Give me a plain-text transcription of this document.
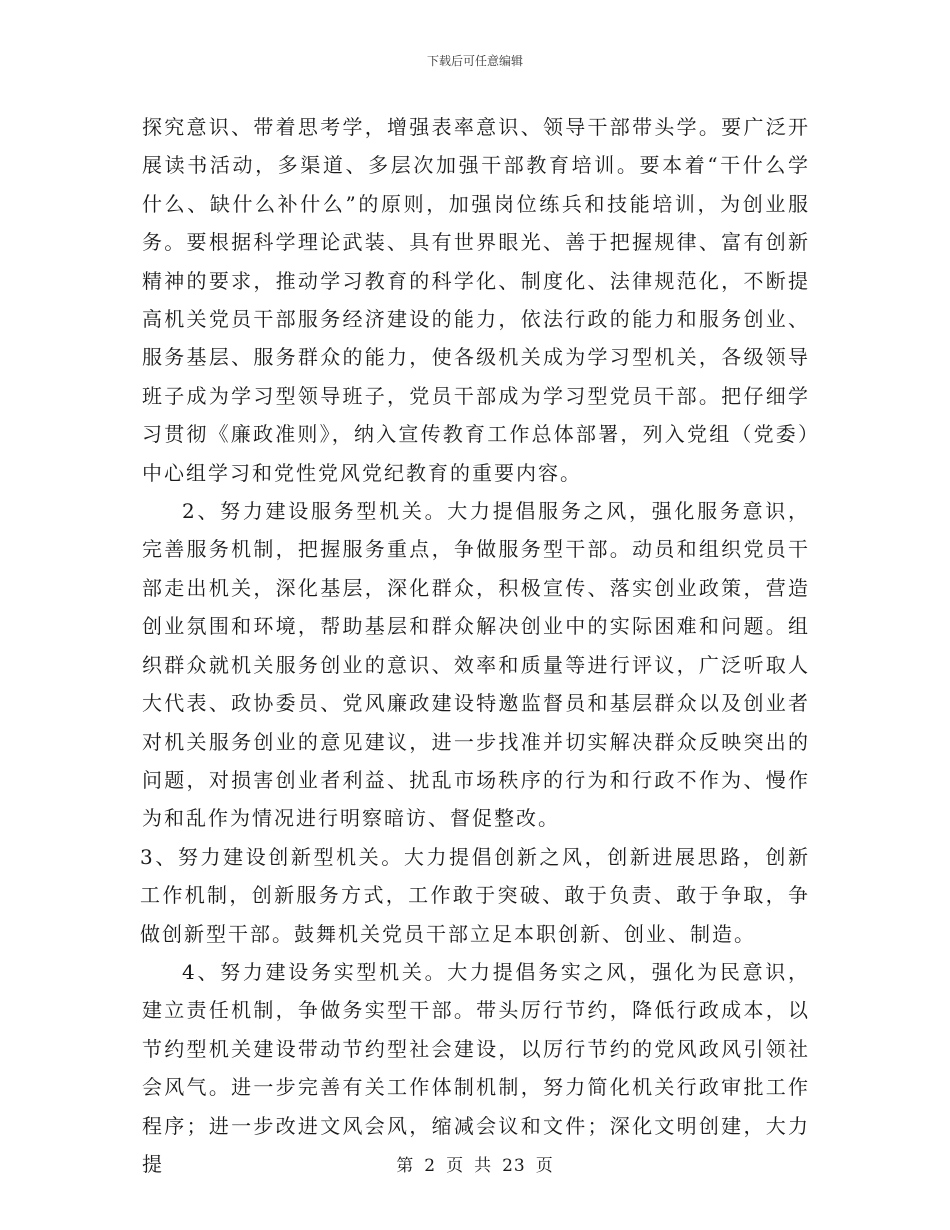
下载后可任意编辑

探究意识、带着思考学，增强表率意识、领导干部带头学。要广泛开展读书活动，多渠道、多层次加强干部教育培训。要本着“干什么学什么、缺什么补什么”的原则，加强岗位练兵和技能培训，为创业服务。要根据科学理论武装、具有世界眼光、善于把握规律、富有创新精神的要求，推动学习教育的科学化、制度化、法律规范化，不断提高机关党员干部服务经济建设的能力，依法行政的能力和服务创业、服务基层、服务群众的能力，使各级机关成为学习型机关，各级领导班子成为学习型领导班子，党员干部成为学习型党员干部。把仔细学习贯彻《廉政准则》，纳入宣传教育工作总体部署，列入党组（党委）中心组学习和党性党风党纪教育的重要内容。

2、努力建设服务型机关。大力提倡服务之风，强化服务意识，完善服务机制，把握服务重点，争做服务型干部。动员和组织党员干部走出机关，深化基层，深化群众，积极宣传、落实创业政策，营造创业氛围和环境，帮助基层和群众解决创业中的实际困难和问题。组织群众就机关服务创业的意识、效率和质量等进行评议，广泛听取人大代表、政协委员、党风廉政建设特邀监督员和基层群众以及创业者对机关服务创业的意见建议，进一步找准并切实解决群众反映突出的问题，对损害创业者利益、扰乱市场秩序的行为和行政不作为、慢作为和乱作为情况进行明察暗访、督促整改。

3、努力建设创新型机关。大力提倡创新之风，创新进展思路，创新工作机制，创新服务方式，工作敢于突破、敢于负责、敢于争取，争做创新型干部。鼓舞机关党员干部立足本职创新、创业、制造。

4、努力建设务实型机关。大力提倡务实之风，强化为民意识，建立责任机制，争做务实型干部。带头厉行节约，降低行政成本，以节约型机关建设带动节约型社会建设，以厉行节约的党风政风引领社会风气。进一步完善有关工作体制机制，努力简化机关行政审批工作程序；进一步改进文风会风，缩减会议和文件；深化文明创建，大力提	第 2 页 共 23 页
